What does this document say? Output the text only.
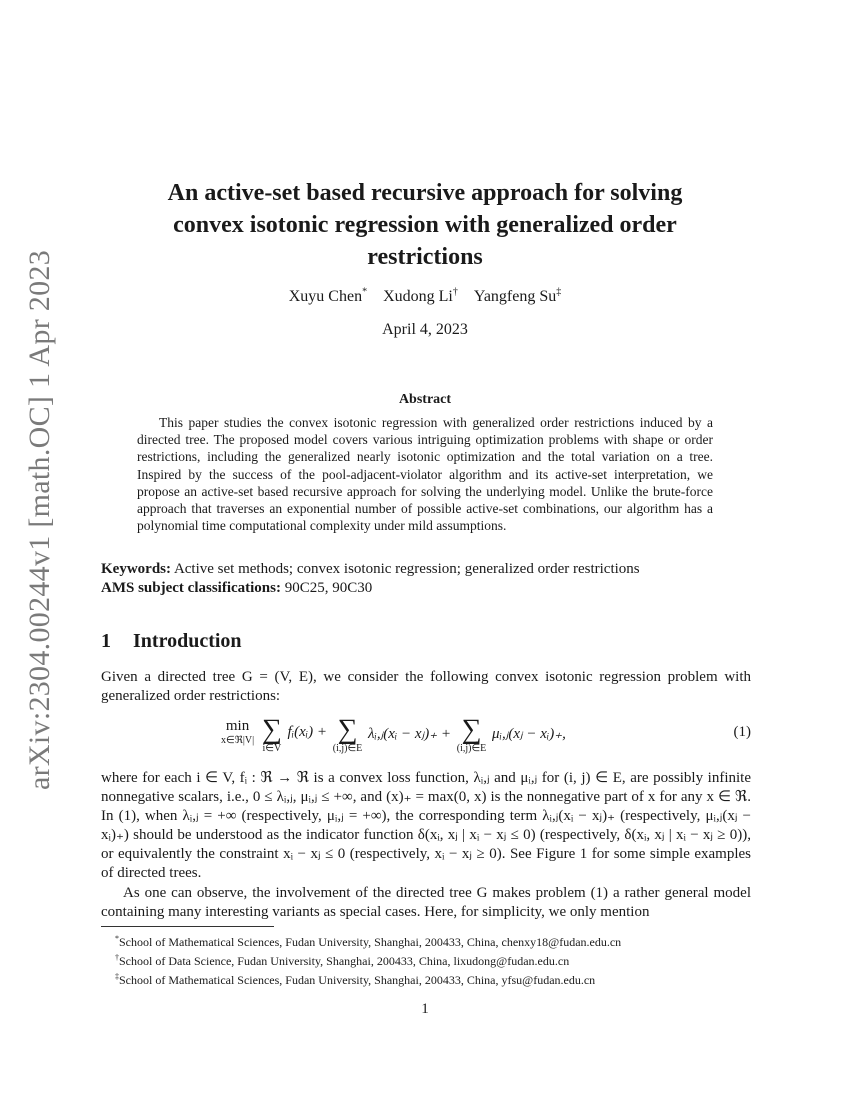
arXiv:2304.00244v1 [math.OC] 1 Apr 2023
An active-set based recursive approach for solving
convex isotonic regression with generalized order
restrictions
Xuyu Chen* Xudong Li† Yangfeng Su‡
April 4, 2023
Abstract
This paper studies the convex isotonic regression with generalized order restrictions induced by a directed tree. The proposed model covers various intriguing optimization problems with shape or order restrictions, including the generalized nearly isotonic optimization and the total variation on a tree. Inspired by the success of the pool-adjacent-violator algorithm and its active-set interpretation, we propose an active-set based recursive approach for solving the underlying model. Unlike the brute-force approach that traverses an exponential number of possible active-set combinations, our algorithm has a polynomial time computational complexity under mild assumptions.
Keywords: Active set methods; convex isotonic regression; generalized order restrictions
AMS subject classifications: 90C25, 90C30
1 Introduction
Given a directed tree G = (V, E), we consider the following convex isotonic regression problem with generalized order restrictions:
min
x∈ℜ|V|
∑
i∈V
fᵢ(xᵢ) + ∑
(i,j)∈E
λᵢ,ⱼ(xᵢ − xⱼ)₊ + ∑
(i,j)∈E
μᵢ,ⱼ(xⱼ − xᵢ)₊,	(1)
where for each i ∈ V, fᵢ : ℜ → ℜ is a convex loss function, λᵢ,ⱼ and μᵢ,ⱼ for (i, j) ∈ E, are possibly infinite nonnegative scalars, i.e., 0 ≤ λᵢ,ⱼ, μᵢ,ⱼ ≤ +∞, and (x)₊ = max(0, x) is the nonnegative part of x for any x ∈ ℜ. In (1), when λᵢ,ⱼ = +∞ (respectively, μᵢ,ⱼ = +∞), the corresponding term λᵢ,ⱼ(xᵢ − xⱼ)₊ (respectively, μᵢ,ⱼ(xⱼ − xᵢ)₊) should be understood as the indicator function δ(xᵢ, xⱼ | xᵢ − xⱼ ≤ 0) (respectively, δ(xᵢ, xⱼ | xᵢ − xⱼ ≥ 0)), or equivalently the constraint xᵢ − xⱼ ≤ 0 (respectively, xᵢ − xⱼ ≥ 0). See Figure 1 for some simple examples of directed trees.
As one can observe, the involvement of the directed tree G makes problem (1) a rather general model containing many interesting variants as special cases. Here, for simplicity, we only mention
*School of Mathematical Sciences, Fudan University, Shanghai, 200433, China, chenxy18@fudan.edu.cn
†School of Data Science, Fudan University, Shanghai, 200433, China, lixudong@fudan.edu.cn
‡School of Mathematical Sciences, Fudan University, Shanghai, 200433, China, yfsu@fudan.edu.cn
1
